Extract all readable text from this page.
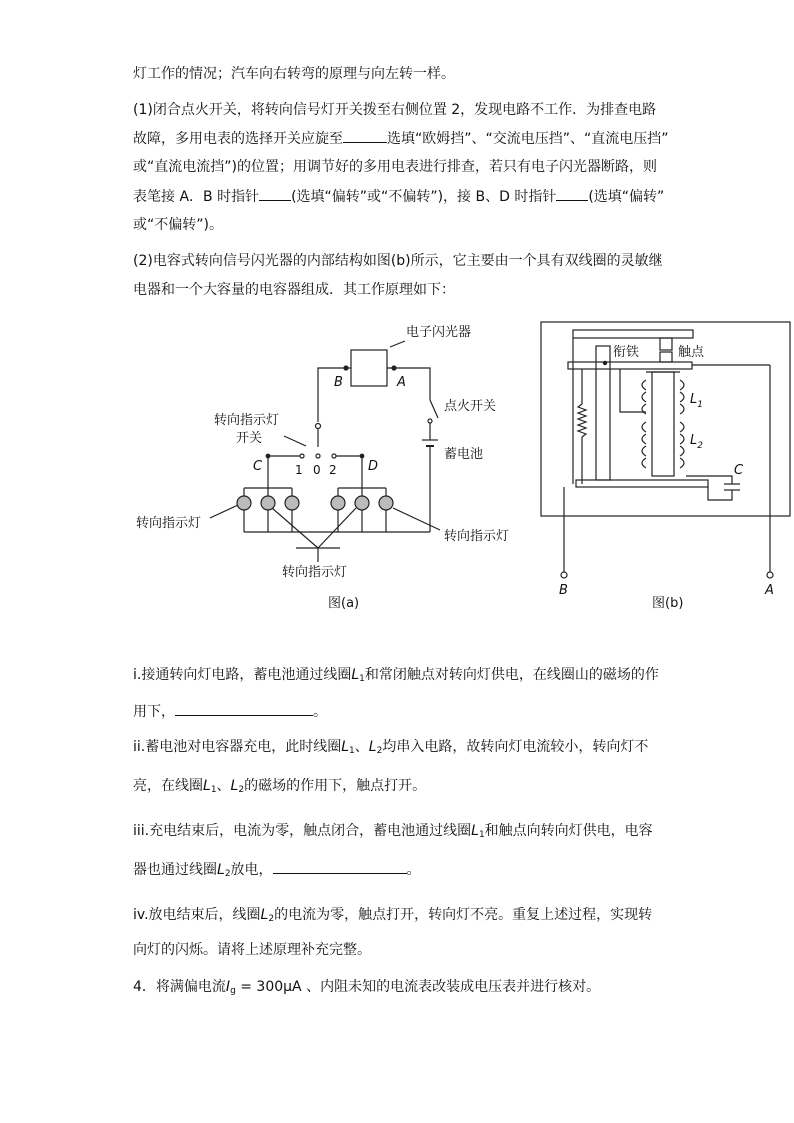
灯工作的情况；汽车向右转弯的原理与向左转一样。
(1)闭合点火开关，将转向信号灯开关拨至右侧位置 2，发现电路不工作．为排查电路
故障，多用电表的选择开关应旋至	选填“欧姆挡”、“交流电压挡”、“直流电压挡”
或“直流电流挡”)的位置；用调节好的多用电表进行排查，若只有电子闪光器断路，则
表笔接 A．B 时指针 (选填“偏转”或“不偏转”)，接 B、D 时指针 (选填“偏转”
或“不偏转”)。
(2)电容式转向信号闪光器的内部结构如图(b)所示，它主要由一个具有双线圈的灵敏继
电器和一个大容量的电容器组成．其工作原理如下：
电子闪光器
B	A
点火开关
蓄电池
转向指示灯
开关
1 0 2
C	D
转向指示灯
转向指示灯
转向指示灯
图(a)
衔铁	触点
$L_1$
$L_2$
C
B	A
图(b)
i.接通转向灯电路，蓄电池通过线圈$L_1$和常闭触点对转向灯供电，在线圈山的磁场的作
用下，	。
ii.蓄电池对电容器充电，此时线圈$L_1$、$L_2$均串入电路，故转向灯电流较小，转向灯不
亮，在线圈$L_1$、$L_2$的磁场的作用下，触点打开。
iii.充电结束后，电流为零，触点闭合，蓄电池通过线圈$L_1$和触点向转向灯供电，电容
器也通过线圈$L_2$放电，	。
iv.放电结束后，线圈$L_2$的电流为零，触点打开，转向灯不亮。重复上述过程，实现转
向灯的闪烁。请将上述原理补充完整。
4．将满偏电流$I_g = 300\mu A$ 、内阻未知的电流表改装成电压表并进行核对。
